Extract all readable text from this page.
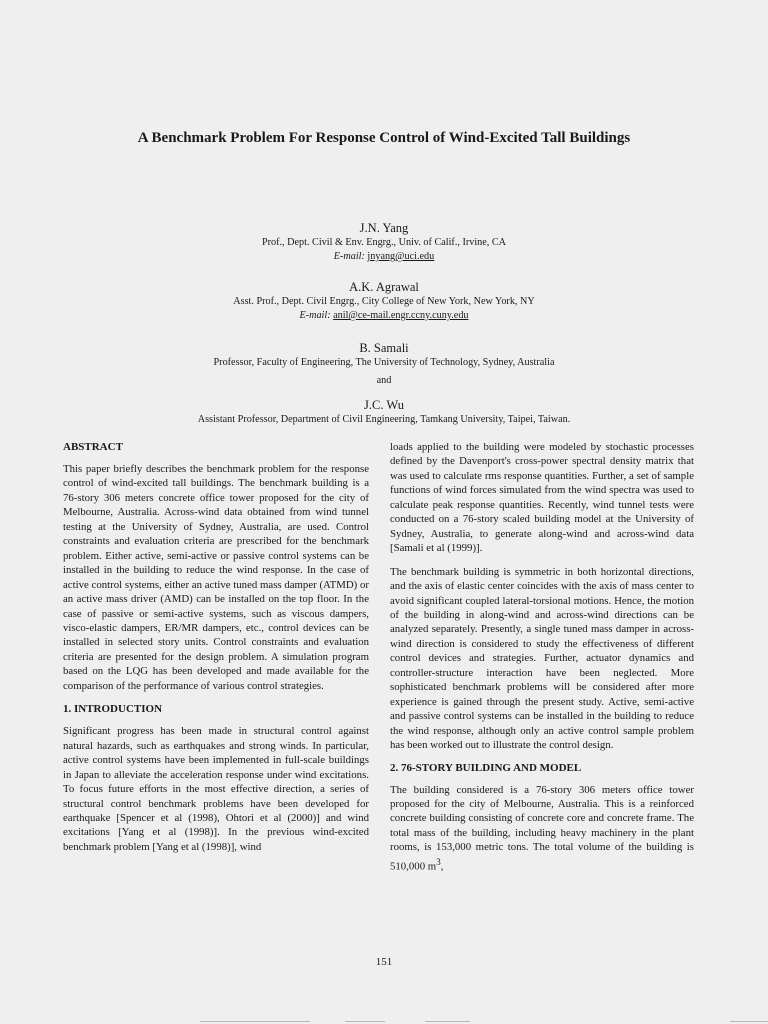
A Benchmark Problem For Response Control of Wind-Excited Tall Buildings
J.N. Yang
Prof., Dept. Civil & Env. Engrg., Univ. of Calif., Irvine, CA
E-mail: jnyang@uci.edu
A.K. Agrawal
Asst. Prof., Dept. Civil Engrg., City College of New York, New York, NY
E-mail: anil@ce-mail.engr.ccny.cuny.edu
B. Samali
Professor, Faculty of Engineering, The University of Technology, Sydney, Australia
and
J.C. Wu
Assistant Professor, Department of Civil Engineering, Tamkang University, Taipei, Taiwan.
ABSTRACT

This paper briefly describes the benchmark problem for the response control of wind-excited tall buildings. The benchmark building is a 76-story 306 meters concrete office tower proposed for the city of Melbourne, Australia. Across-wind data obtained from wind tunnel testing at the University of Sydney, Australia, are used. Control constraints and evaluation criteria are prescribed for the benchmark problem. Either active, semi-active or passive control systems can be installed in the building to reduce the wind response. In the case of active control systems, either an active tuned mass damper (ATMD) or an active mass driver (AMD) can be installed on the top floor. In the case of passive or semi-active systems, such as viscous dampers, visco-elastic dampers, ER/MR dampers, etc., control devices can be installed in selected story units. Control constraints and evaluation criteria are presented for the design problem. A simulation program based on the LQG has been developed and made available for the comparison of the performance of various control strategies.

1. INTRODUCTION

Significant progress has been made in structural control against natural hazards, such as earthquakes and strong winds. In particular, active control systems have been implemented in full-scale buildings in Japan to alleviate the acceleration response under wind excitations. To focus future efforts in the most effective direction, a series of structural control benchmark problems have been developed for earthquake [Spencer et al (1998), Ohtori et al (2000)] and wind excitations [Yang et al (1998)]. In the previous wind-excited benchmark problem [Yang et al (1998)], wind

loads applied to the building were modeled by stochastic processes defined by the Davenport's cross-power spectral density matrix that was used to calculate rms response quantities. Further, a set of sample functions of wind forces simulated from the wind spectra was used to calculate peak response quantities. Recently, wind tunnel tests were conducted on a 76-story scaled building model at the University of Sydney, Australia, to generate along-wind and across-wind data [Samali et al (1999)].

The benchmark building is symmetric in both horizontal directions, and the axis of elastic center coincides with the axis of mass center to avoid significant coupled lateral-torsional motions. Hence, the motion of the building in along-wind and across-wind directions can be analyzed separately. Presently, a single tuned mass damper in across-wind direction is considered to study the effectiveness of different control devices and strategies. Further, actuator dynamics and controller-structure interaction have been neglected. More sophisticated benchmark problems will be considered after more experience is gained through the present study. Active, semi-active and passive control systems can be installed in the building to reduce the wind response, although only an active control sample problem has been worked out to illustrate the control design.

2. 76-STORY BUILDING AND MODEL

The building considered is a 76-story 306 meters office tower proposed for the city of Melbourne, Australia. This is a reinforced concrete building consisting of concrete core and concrete frame. The total mass of the building, including heavy machinery in the plant rooms, is 153,000 metric tons. The total volume of the building is 510,000 $m^3$,

151
